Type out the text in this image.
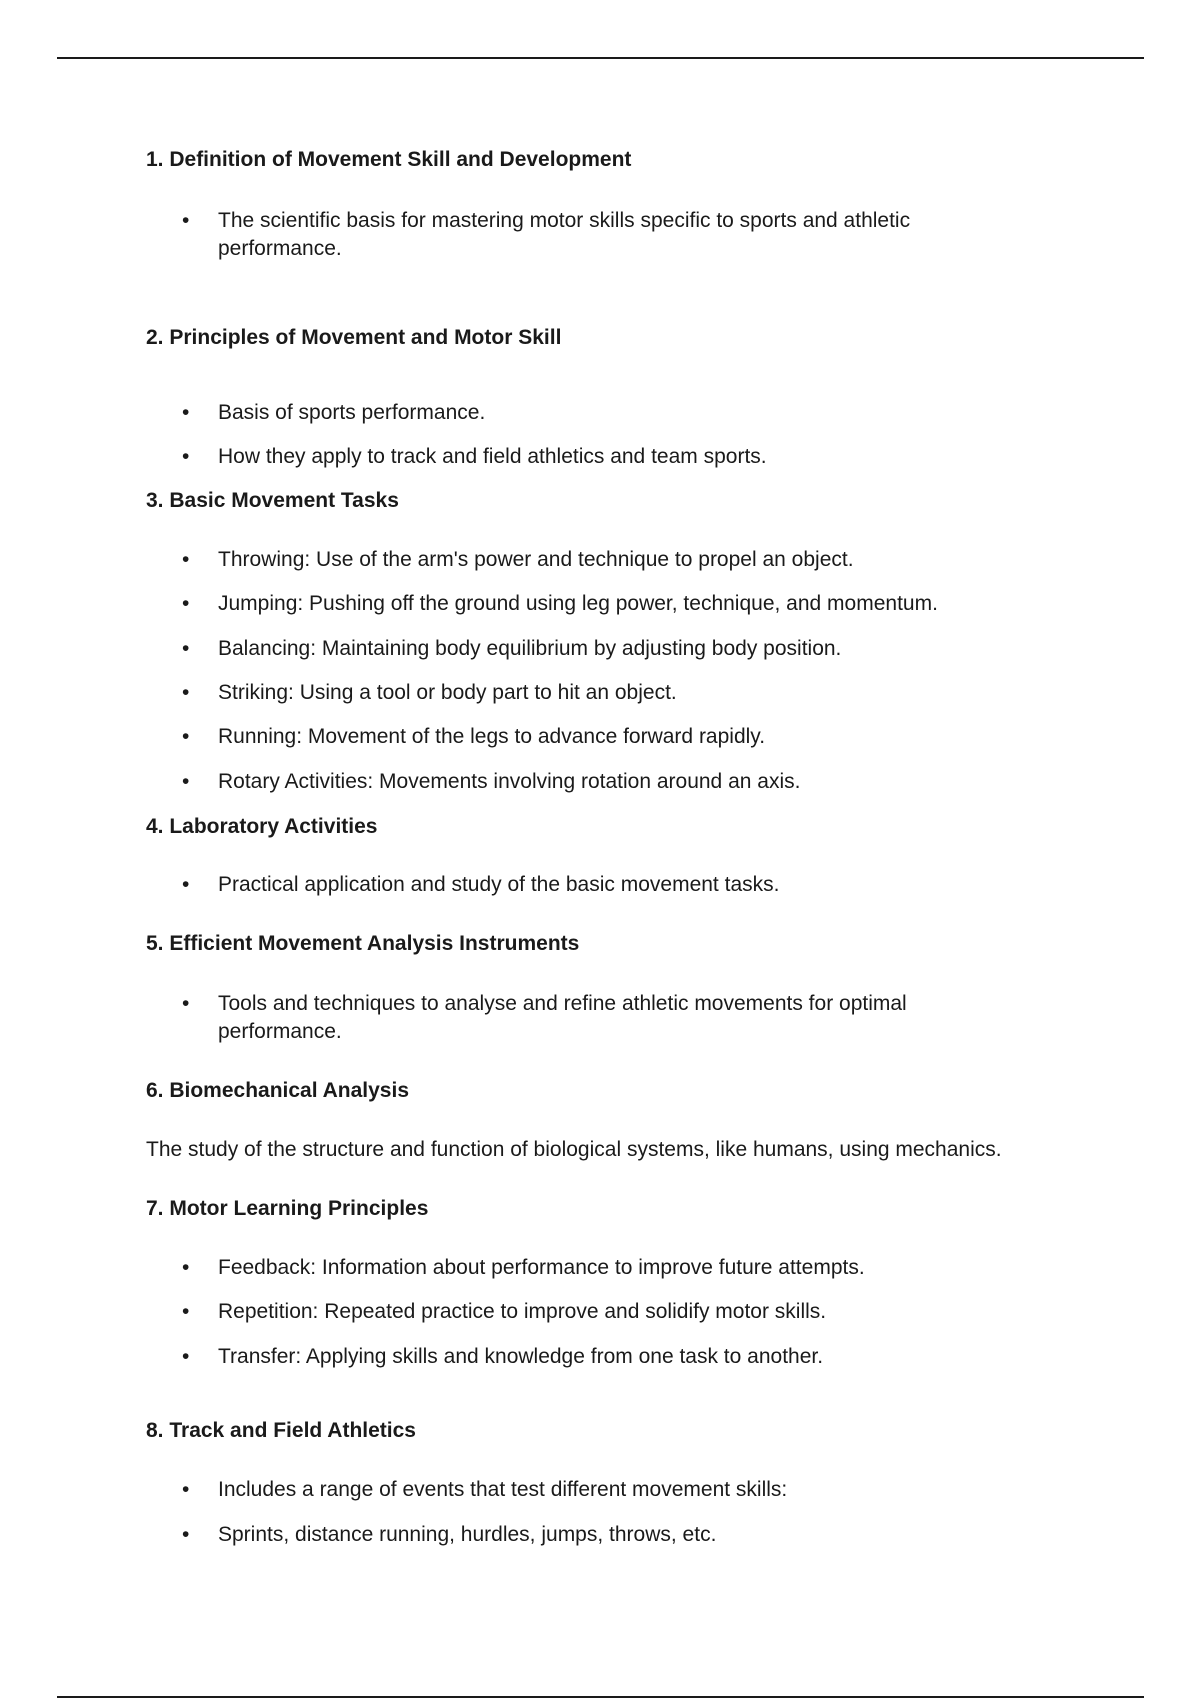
1. Definition of Movement Skill and Development

• The scientific basis for mastering motor skills specific to sports and athletic performance.

2. Principles of Movement and Motor Skill

• Basis of sports performance.

• How they apply to track and field athletics and team sports.

3. Basic Movement Tasks

• Throwing: Use of the arm's power and technique to propel an object.

• Jumping: Pushing off the ground using leg power, technique, and momentum.

• Balancing: Maintaining body equilibrium by adjusting body position.

• Striking: Using a tool or body part to hit an object.

• Running: Movement of the legs to advance forward rapidly.

• Rotary Activities: Movements involving rotation around an axis.

4. Laboratory Activities

• Practical application and study of the basic movement tasks.

5. Efficient Movement Analysis Instruments

• Tools and techniques to analyse and refine athletic movements for optimal performance.

6. Biomechanical Analysis

The study of the structure and function of biological systems, like humans, using mechanics.

7. Motor Learning Principles

• Feedback: Information about performance to improve future attempts.

• Repetition: Repeated practice to improve and solidify motor skills.

• Transfer: Applying skills and knowledge from one task to another.

8. Track and Field Athletics

• Includes a range of events that test different movement skills:

• Sprints, distance running, hurdles, jumps, throws, etc.
